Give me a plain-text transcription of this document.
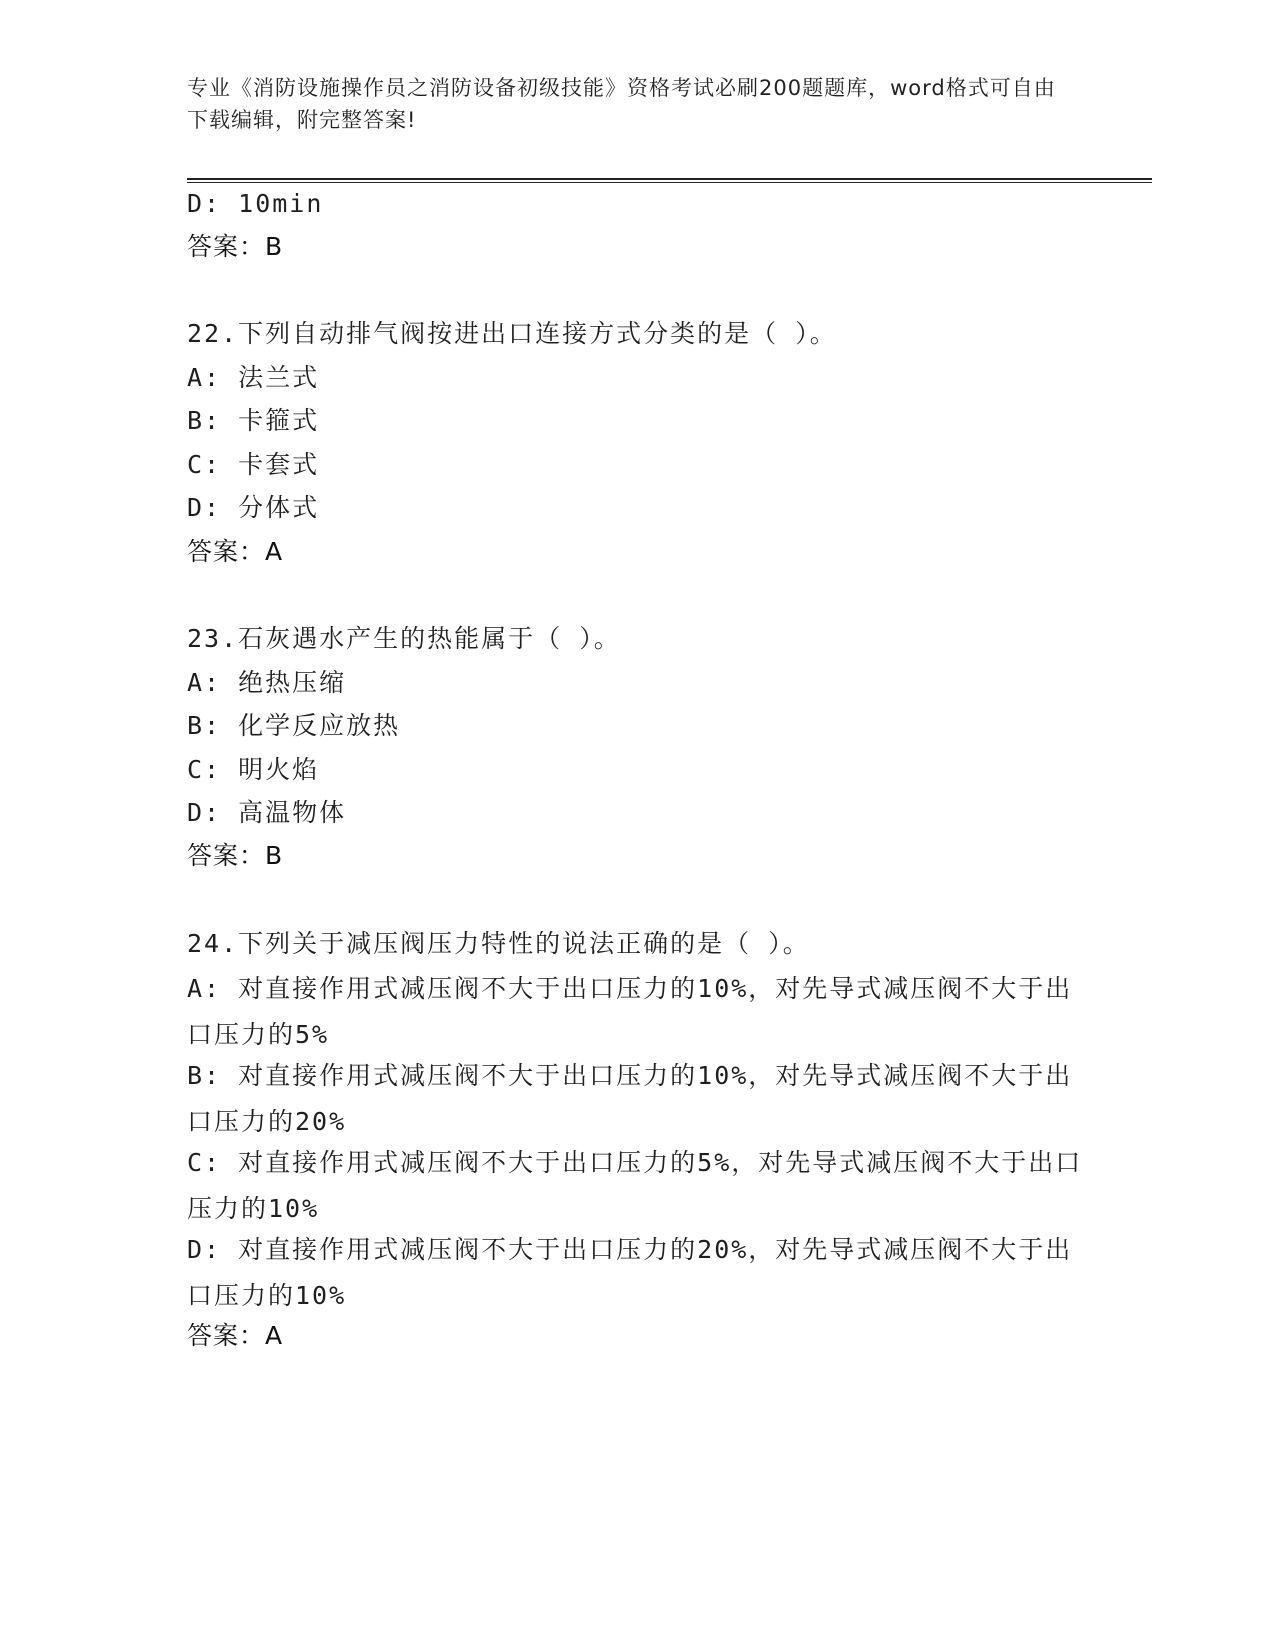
专业《消防设施操作员之消防设备初级技能》资格考试必刷200题题库，word格式可自由下载编辑，附完整答案!
D: 10min
答案：B
22.下列自动排气阀按进出口连接方式分类的是（ ）。
A: 法兰式
B: 卡箍式
C: 卡套式
D: 分体式
答案：A
23.石灰遇水产生的热能属于（ ）。
A: 绝热压缩
B: 化学反应放热
C: 明火焰
D: 高温物体
答案：B
24.下列关于减压阀压力特性的说法正确的是（ ）。
A: 对直接作用式减压阀不大于出口压力的10%，对先导式减压阀不大于出口压力的5%
B: 对直接作用式减压阀不大于出口压力的10%，对先导式减压阀不大于出口压力的20%
C: 对直接作用式减压阀不大于出口压力的5%，对先导式减压阀不大于出口压力的10%
D: 对直接作用式减压阀不大于出口压力的20%，对先导式减压阀不大于出口压力的10%
答案：A
